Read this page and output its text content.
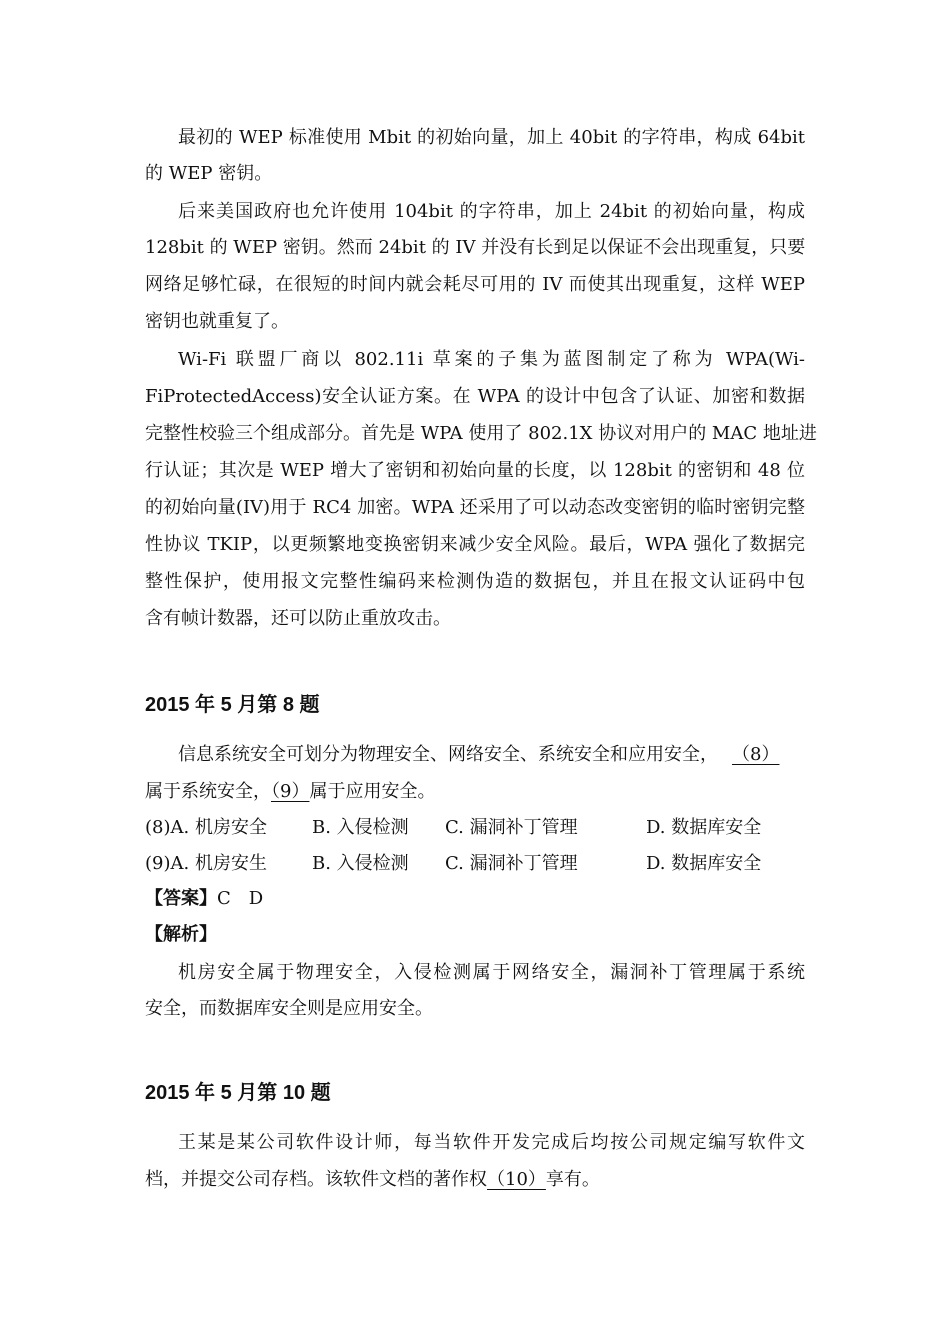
最初的 WEP 标准使用 Mbit 的初始向量，加上 40bit 的字符串，构成 64bit
的 WEP 密钥。
后来美国政府也允许使用 104bit 的字符串，加上 24bit 的初始向量，构成
128bit 的 WEP 密钥。然而 24bit 的 IV 并没有长到足以保证不会出现重复，只要
网络足够忙碌，在很短的时间内就会耗尽可用的 IV 而使其出现重复，这样 WEP
密钥也就重复了。
Wi-Fi 联盟厂商以 802.11i 草案的子集为蓝图制定了称为 WPA(Wi-
FiProtectedAccess)安全认证方案。在 WPA 的设计中包含了认证、加密和数据
完整性校验三个组成部分。首先是 WPA 使用了 802.1X 协议对用户的 MAC 地址进
行认证；其次是 WEP 增大了密钥和初始向量的长度，以 128bit 的密钥和 48 位
的初始向量(IV)用于 RC4 加密。WPA 还采用了可以动态改变密钥的临时密钥完整
性协议 TKIP，以更频繁地变换密钥来减少安全风险。最后，WPA 强化了数据完
整性保护，使用报文完整性编码来检测伪造的数据包，并且在报文认证码中包
含有帧计数器，还可以防止重放攻击。
2015 年 5 月第 8 题
信息系统安全可划分为物理安全、网络安全、系统安全和应用安全， （8）
属于系统安全，（9）属于应用安全。
(8)A. 机房安全	B. 入侵检测 C. 漏洞补丁管理	D. 数据库安全
(9)A. 机房安生	B. 入侵检测 C. 漏洞补丁管理	D. 数据库安全
【答案】C　D
【解析】
机房安全属于物理安全，入侵检测属于网络安全，漏洞补丁管理属于系统
安全，而数据库安全则是应用安全。
2015 年 5 月第 10 题
王某是某公司软件设计师，每当软件开发完成后均按公司规定编写软件文
档，并提交公司存档。该软件文档的著作权（10）享有。
